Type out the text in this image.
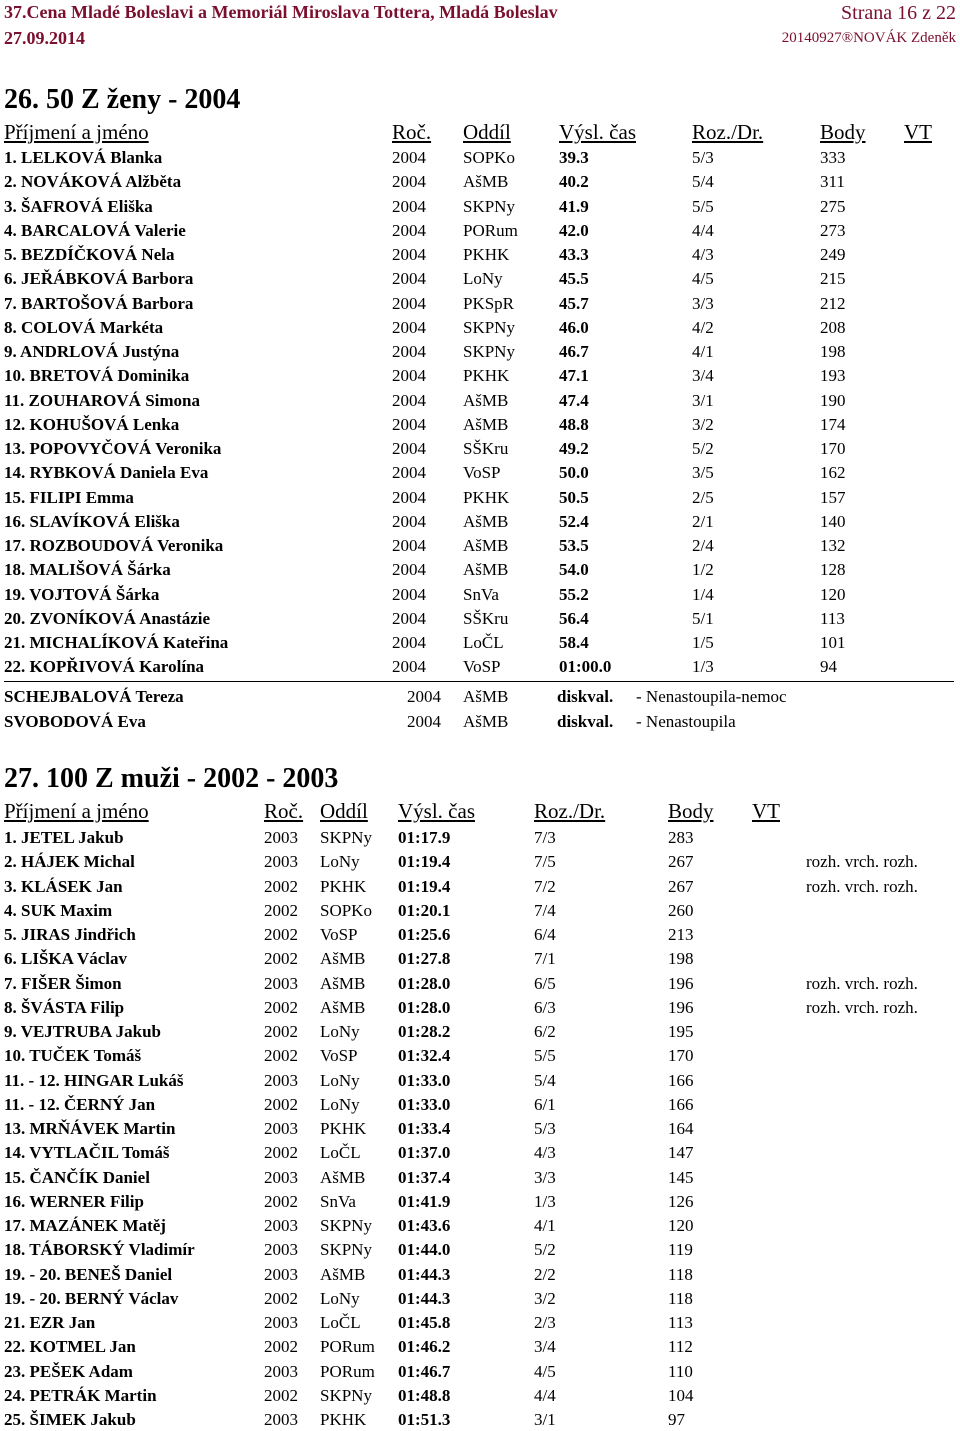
37.Cena Mladé Boleslavi a Memoriál Miroslava Tottera, Mladá Boleslav	Strana 16 z 22
27.09.2014	20140927®NOVÁK Zdeněk
26. 50 Z ženy - 2004
Příjmení a jméno	Roč. Oddíl Výsl. čas	Roz./Dr.	Body VT
1. LELKOVÁ Blanka	2004 SOPKo	39.3	5/3	333
2. NOVÁKOVÁ Alžběta	2004 AšMB	40.2	5/4	311
3. ŠAFROVÁ Eliška	2004 SKPNy	41.9	5/5	275
4. BARCALOVÁ Valerie	2004 PORum 42.0	4/4	273
5. BEZDÍČKOVÁ Nela	2004 PKHK	43.3	4/3	249
6. JEŘÁBKOVÁ Barbora	2004 LoNy	45.5	4/5	215
7. BARTOŠOVÁ Barbora	2004 PKSpR	45.7	3/3	212
8. COLOVÁ Markéta	2004 SKPNy	46.0	4/2	208
9. ANDRLOVÁ Justýna	2004 SKPNy	46.7	4/1	198
10. BRETOVÁ Dominika	2004 PKHK	47.1	3/4	193
11. ZOUHAROVÁ Simona	2004 AšMB	47.4	3/1	190
12. KOHUŠOVÁ Lenka	2004 AšMB	48.8	3/2	174
13. POPOVYČOVÁ Veronika	2004 SŠKru	49.2	5/2	170
14. RYBKOVÁ Daniela Eva	2004 VoSP	50.0	3/5	162
15. FILIPI Emma	2004 PKHK	50.5	2/5	157
16. SLAVÍKOVÁ Eliška	2004 AšMB	52.4	2/1	140
17. ROZBOUDOVÁ Veronika	2004 AšMB	53.5	2/4	132
18. MALIŠOVÁ Šárka	2004 AšMB	54.0	1/2	128
19. VOJTOVÁ Šárka	2004 SnVa	55.2	1/4	120
20. ZVONÍKOVÁ Anastázie	2004 SŠKru	56.4	5/1	113
21. MICHALÍKOVÁ Kateřina	2004 LoČL	58.4	1/5	101
22. KOPŘIVOVÁ Karolína	2004 VoSP	01:00.0	1/3	94
SCHEJBALOVÁ Tereza	2004 AšMB	diskval. - Nenastoupila-nemoc
SVOBODOVÁ Eva	2004 AšMB	diskval. - Nenastoupila
27. 100 Z muži - 2002 - 2003
Příjmení a jméno	Roč. Oddíl Výsl. čas	Roz./Dr.	Body VT
1. JETEL Jakub	2003 SKPNy 01:17.9	7/3	283
2. HÁJEK Michal	2003 LoNy 01:19.4	7/5	267	rozh. vrch. rozh.
3. KLÁSEK Jan	2002 PKHK 01:19.4	7/2	267	rozh. vrch. rozh.
4. SUK Maxim	2002 SOPKo 01:20.1	7/4	260
5. JIRAS Jindřich	2002 VoSP 01:25.6	6/4	213
6. LIŠKA Václav	2002 AšMB 01:27.8	7/1	198
7. FIŠER Šimon	2003 AšMB 01:28.0	6/5	196	rozh. vrch. rozh.
8. ŠVÁSTA Filip	2002 AšMB 01:28.0	6/3	196	rozh. vrch. rozh.
9. VEJTRUBA Jakub	2002 LoNy 01:28.2	6/2	195
10. TUČEK Tomáš	2002 VoSP 01:32.4	5/5	170
11. - 12. HINGAR Lukáš	2003 LoNy 01:33.0	5/4	166
11. - 12. ČERNÝ Jan	2002 LoNy 01:33.0	6/1	166
13. MRŇÁVEK Martin	2003 PKHK 01:33.4	5/3	164
14. VYTLAČIL Tomáš	2002 LoČL 01:37.0	4/3	147
15. ČANČÍK Daniel	2003 AšMB 01:37.4	3/3	145
16. WERNER Filip	2002 SnVa 01:41.9	1/3	126
17. MAZÁNEK Matěj	2003 SKPNy 01:43.6	4/1	120
18. TÁBORSKÝ Vladimír	2003 SKPNy 01:44.0	5/2	119
19. - 20. BENEŠ Daniel	2003 AšMB 01:44.3	2/2	118
19. - 20. BERNÝ Václav	2002 LoNy 01:44.3	3/2	118
21. EZR Jan	2003 LoČL 01:45.8	2/3	113
22. KOTMEL Jan	2002 PORum 01:46.2	3/4	112
23. PEŠEK Adam	2003 PORum 01:46.7	4/5	110
24. PETRÁK Martin	2002 SKPNy 01:48.8	4/4	104
25. ŠIMEK Jakub	2003 PKHK 01:51.3	3/1	97
